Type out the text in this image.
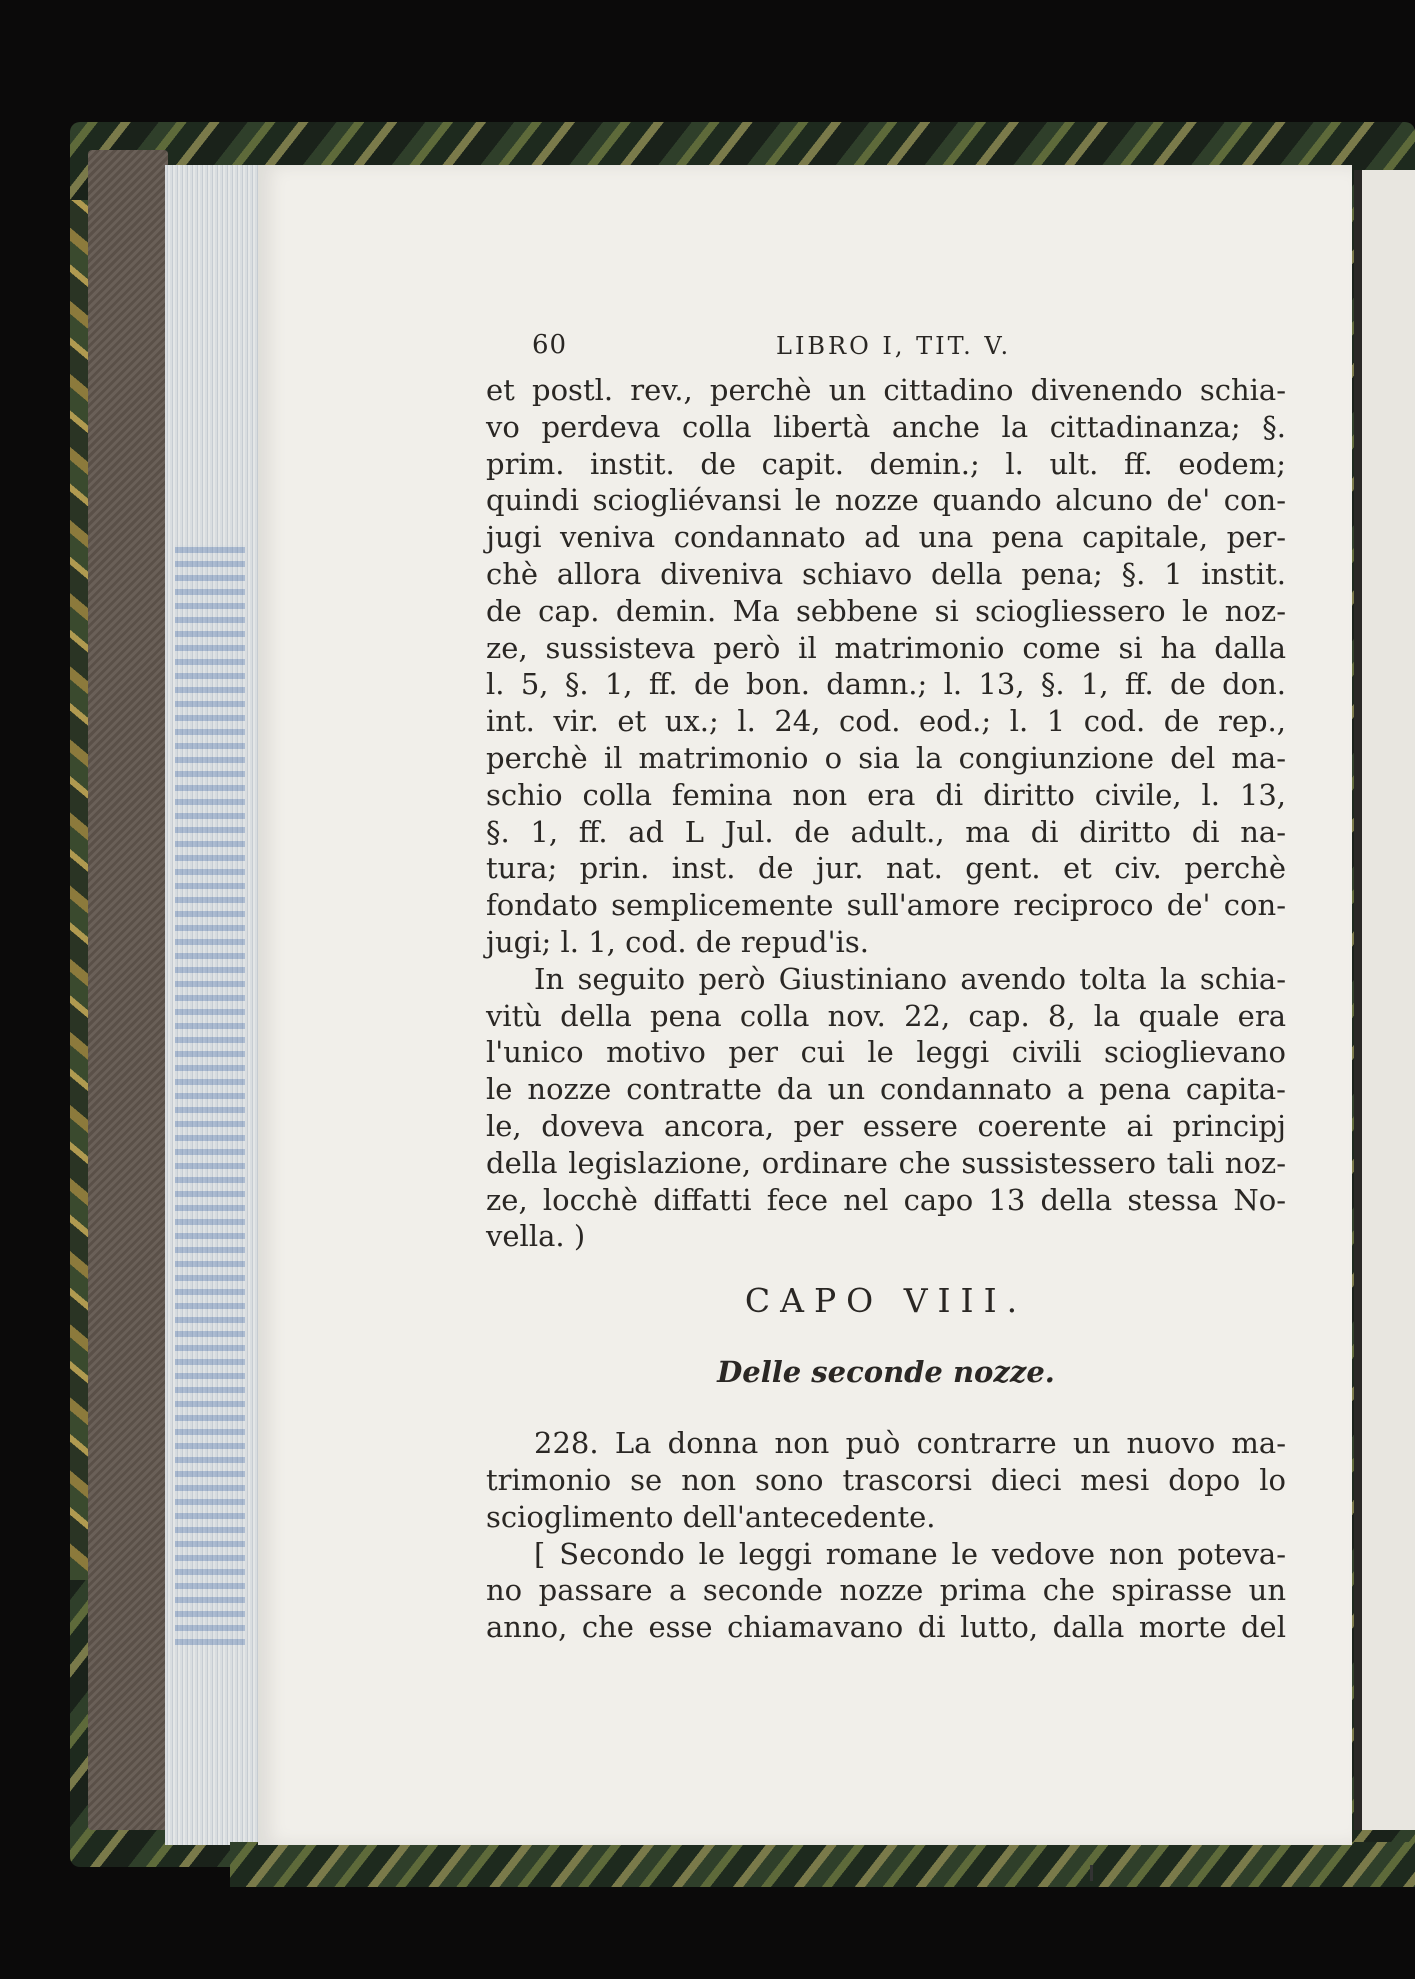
60	LIBRO I, TIT. V.
et postl. rev., perchè un cittadino divenendo schia-
vo perdeva colla libertà anche la cittadinanza; §.
prim. instit. de capit. demin.; l. ult. ff. eodem;
quindi sciogliévansi le nozze quando alcuno de' con-
jugi veniva condannato ad una pena capitale, per-
chè allora diveniva schiavo della pena; §. 1 instit.
de cap. demin. Ma sebbene si sciogliessero le noz-
ze, sussisteva però il matrimonio come si ha dalla
l. 5, §. 1, ff. de bon. damn.; l. 13, §. 1, ff. de don.
int. vir. et ux.; l. 24, cod. eod.; l. 1 cod. de rep.,
perchè il matrimonio o sia la congiunzione del ma-
schio colla femina non era di diritto civile, l. 13,
§. 1, ff. ad L Jul. de adult., ma di diritto di na-
tura; prin. inst. de jur. nat. gent. et civ. perchè
fondato semplicemente sull'amore reciproco de' con-
jugi; l. 1, cod. de repud'is.
In seguito però Giustiniano avendo tolta la schia-
vitù della pena colla nov. 22, cap. 8, la quale era
l'unico motivo per cui le leggi civili scioglievano
le nozze contratte da un condannato a pena capita-
le, doveva ancora, per essere coerente ai principj
della legislazione, ordinare che sussistessero tali noz-
ze, locchè diffatti fece nel capo 13 della stessa No-
vella. )
CAPO VIII.
Delle seconde nozze.
228. La donna non può contrarre un nuovo ma-
trimonio se non sono trascorsi dieci mesi dopo lo
scioglimento dell'antecedente.
[ Secondo le leggi romane le vedove non poteva-
no passare a seconde nozze prima che spirasse un
anno, che esse chiamavano di lutto, dalla morte del
